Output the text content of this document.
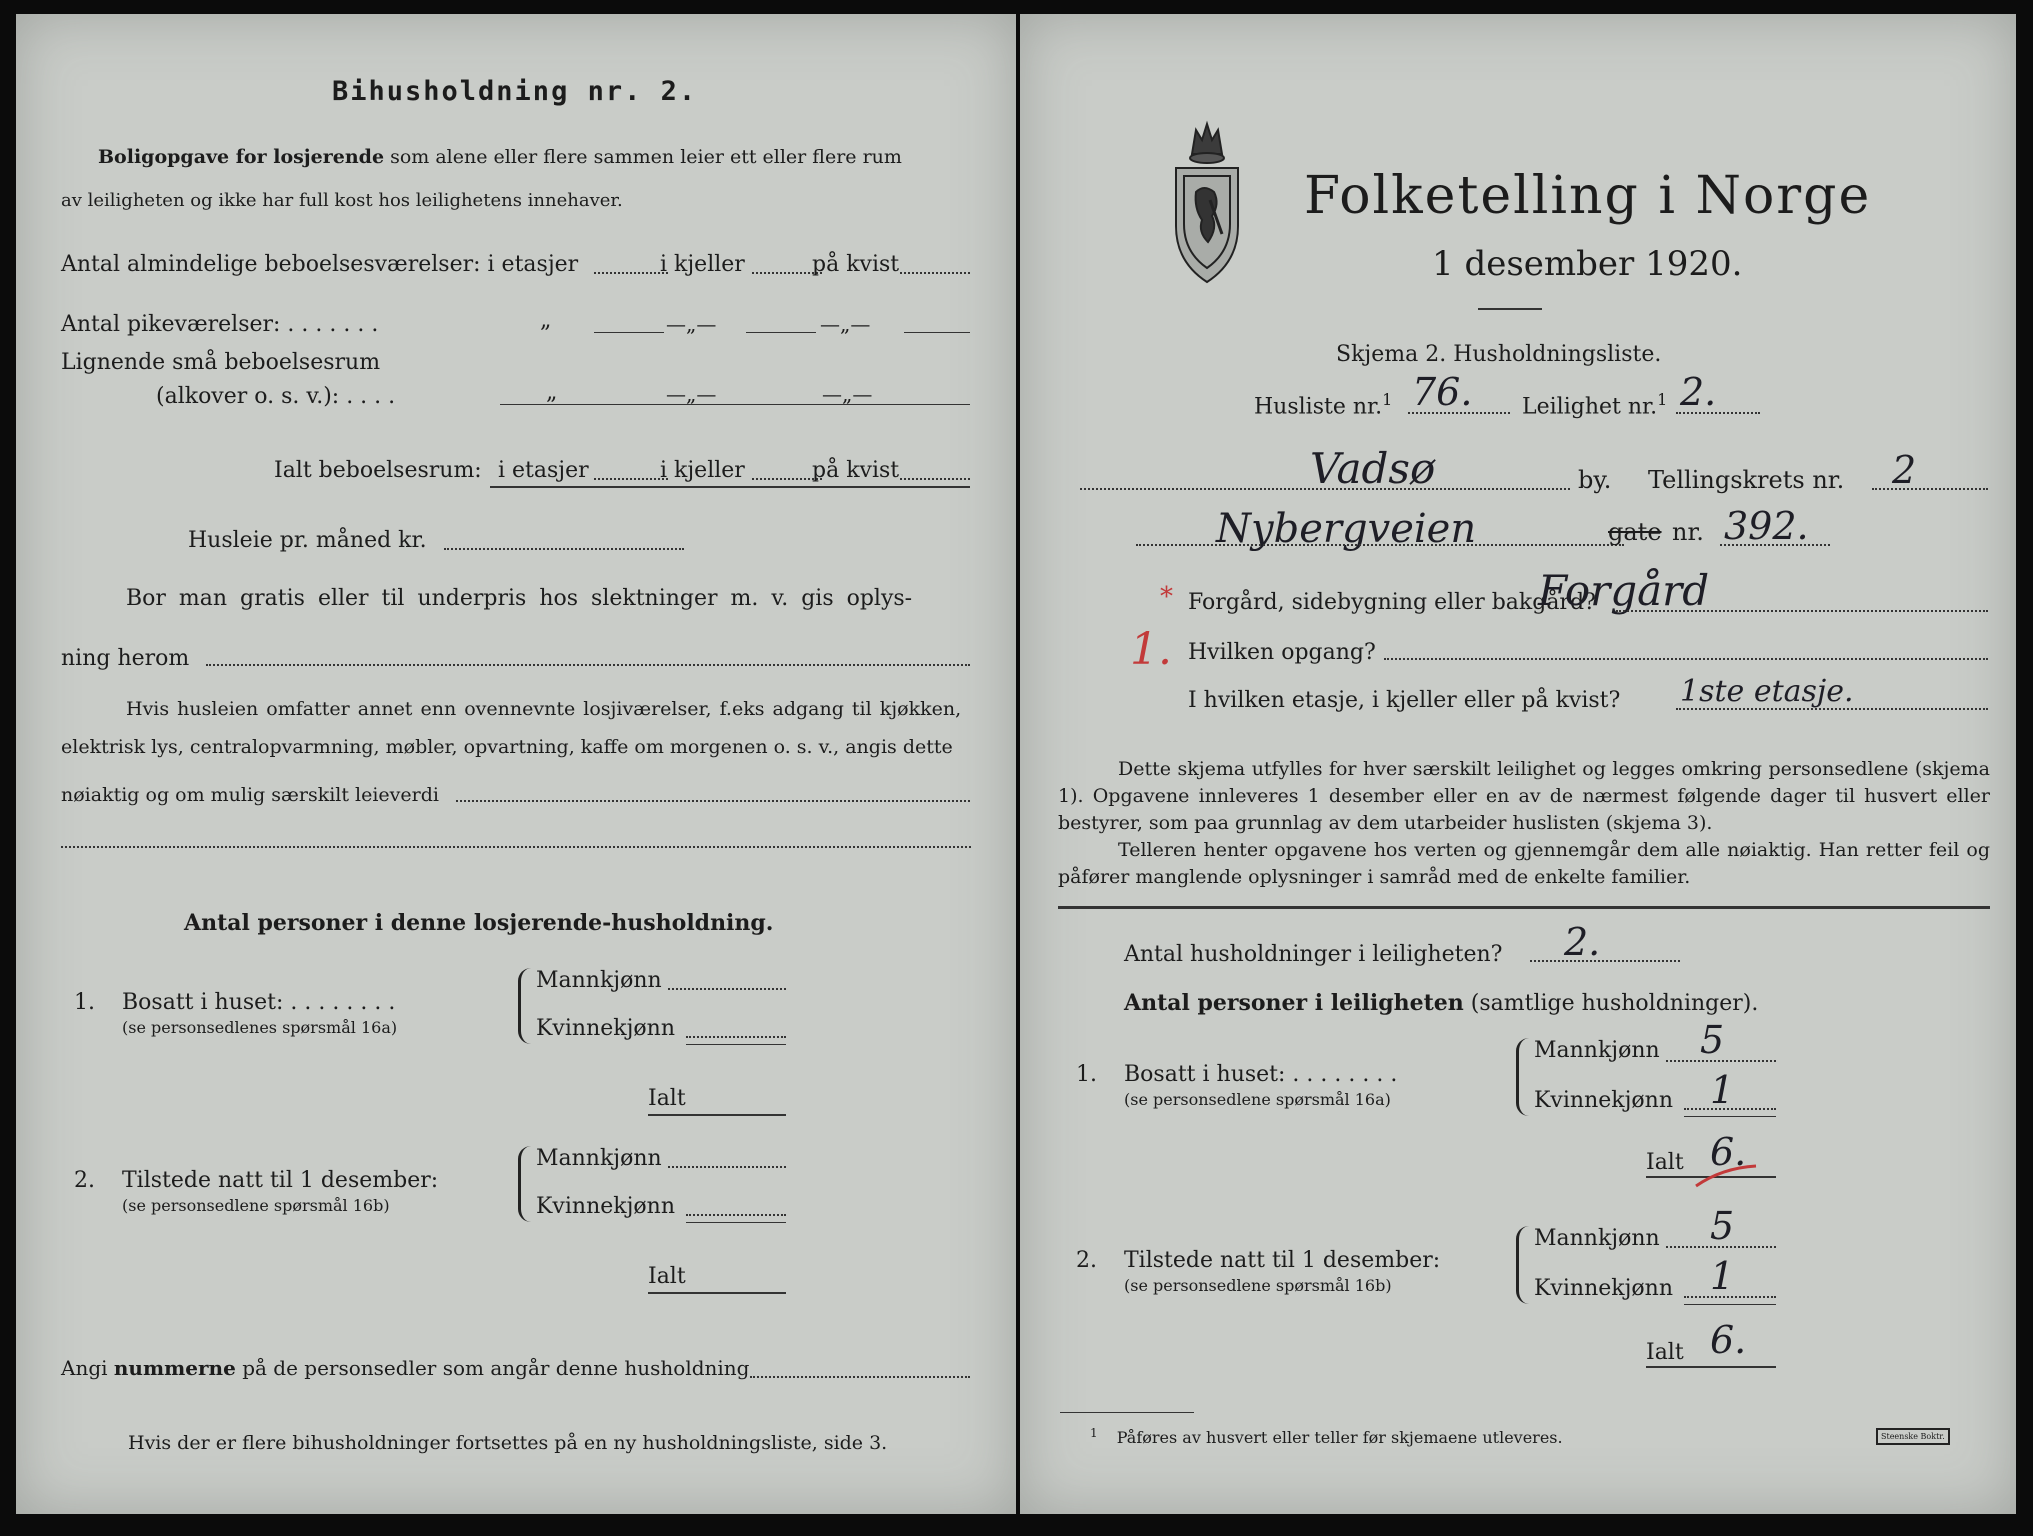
Bihusholdning nr. 2.
Boligopgave for losjerende som alene eller flere sammen leier ett eller flere rum
av leiligheten og ikke har full kost hos leilighetens innehaver.
Antal almindelige beboelsesværelser: i etasjer	i kjeller	på kvist
Antal pikeværelser: . . . . . . .	„	—„—	—„—
Lignende små beboelsesrum
(alkover o. s. v.): . . . .	„	—„—	—„—
Ialt beboelsesrum: i etasjer	i kjeller	på kvist
Husleie pr. måned kr.
Bor man gratis eller til underpris hos slektninger m. v. gis oplys-
ning herom
Hvis husleien omfatter annet enn ovennevnte losjiværelser, f.eks adgang til kjøkken,
elektrisk lys, centralopvarmning, møbler, opvartning, kaffe om morgenen o. s. v., angis dette
nøiaktig og om mulig særskilt leieverdi
Antal personer i denne losjerende-husholdning.
1. Bosatt i huset: . . . . . . . .
(se personsedlenes spørsmål 16a)
Mannkjønn
Kvinnekjønn
Ialt
2. Tilstede natt til 1 desember:
(se personsedlene spørsmål 16b)
Mannkjønn
Kvinnekjønn
Ialt
Angi nummerne på de personsedler som angår denne husholdning
Hvis der er flere bihusholdninger fortsettes på en ny husholdningsliste, side 3.
Folketelling i Norge
1 desember 1920.
Skjema 2. Husholdningsliste.
Husliste nr.$^1$ 76. Leilighet nr.$^1$ 2.
Vadsø	by. Tellingskrets nr. 2
Nybergveien	gate nr. 392.
*
1.
Forgård, sidebygning eller bakgård?
Forgård
Hvilken opgang?
I hvilken etasje, i kjeller eller på kvist? 1ste etasje.
Dette skjema utfylles for hver særskilt leilighet og legges omkring personsedlene (skjema 1). Opgavene innleveres 1 desember eller en av de nærmest følgende dager til husvert eller bestyrer, som paa grunnlag av dem utarbeider huslisten (skjema 3).
Telleren henter opgavene hos verten og gjennemgår dem alle nøiaktig. Han retter feil og påfører manglende oplysninger i samråd med de enkelte familier.
Antal husholdninger i leiligheten? 2.
Antal personer i leiligheten (samtlige husholdninger).
1. Bosatt i huset: . . . . . . . .
(se personsedlene spørsmål 16a)
Mannkjønn 5
Kvinnekjønn 1
Ialt 6.
2. Tilstede natt til 1 desember:
(se personsedlene spørsmål 16b)
Mannkjønn 5
Kvinnekjønn 1
Ialt 6.
$^1$ Påføres av husvert eller teller før skjemaene utleveres.	Steenske Boktr.
